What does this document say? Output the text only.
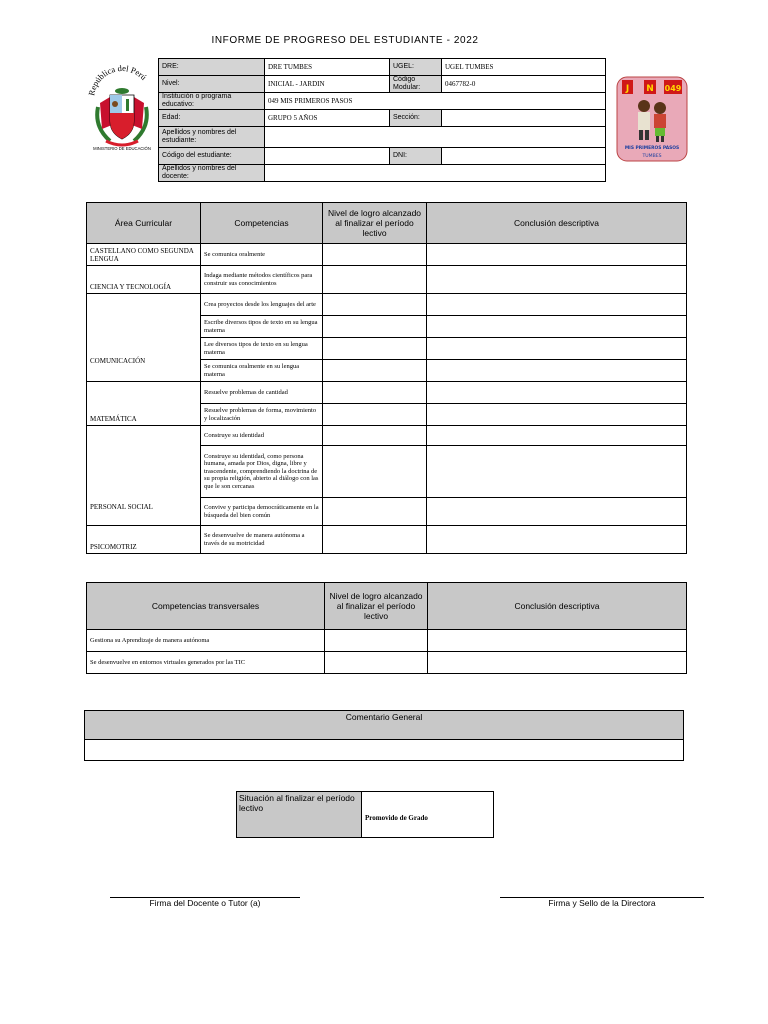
INFORME DE PROGRESO DEL ESTUDIANTE - 2022
República del Perú
MINISTERIO DE EDUCACIÓN
J N 049
MIS PRIMEROS PASOS
TUMBES
DRE:	DRE TUMBES	UGEL:	UGEL TUMBES
Nivel:	INICIAL - JARDIN	Código Modular:	0467782-0
Institución o programa educativo:	049 MIS PRIMEROS PASOS		
Edad:	GRUPO 5 AÑOS	Sección:	
Apellidos y nombres del estudiante:			
Código del estudiante:		DNI:	
Apellidos y nombres del docente:			
Área Curricular	Competencias	Nivel de logro alcanzado al finalizar el período lectivo	Conclusión descriptiva
CASTELLANO COMO SEGUNDA LENGUA	Se comunica oralmente		
CIENCIA Y TECNOLOGÍA	Indaga mediante métodos científicos para construir sus conocimientos		
COMUNICACIÓN	Crea proyectos desde los lenguajes del arte		
	Escribe diversos tipos de texto en su lengua materna		
	Lee diversos tipos de texto en su lengua materna		
	Se comunica oralmente en su lengua materna		
MATEMÁTICA	Resuelve problemas de cantidad		
	Resuelve problemas de forma, movimiento y localización		
PERSONAL SOCIAL	Construye su identidad		
	Construye su identidad, como persona humana, amada por Dios, digna, libre y trascendente, comprendiendo la doctrina de su propia religión, abierto al diálogo con las que le son cercanas		
	Convive y participa democráticamente en la búsqueda del bien común		
PSICOMOTRIZ	Se desenvuelve de manera autónoma a través de su motricidad		
Competencias transversales	Nivel de logro alcanzado al finalizar el período lectivo	Conclusión descriptiva
Gestiona su Aprendizaje de manera autónoma		
Se desenvuelve en entornos virtuales generados por las TIC		
Comentario General

Situación al finalizar el período lectivo	Promovido de Grado
Firma del Docente o Tutor (a)	Firma y Sello de la Directora
